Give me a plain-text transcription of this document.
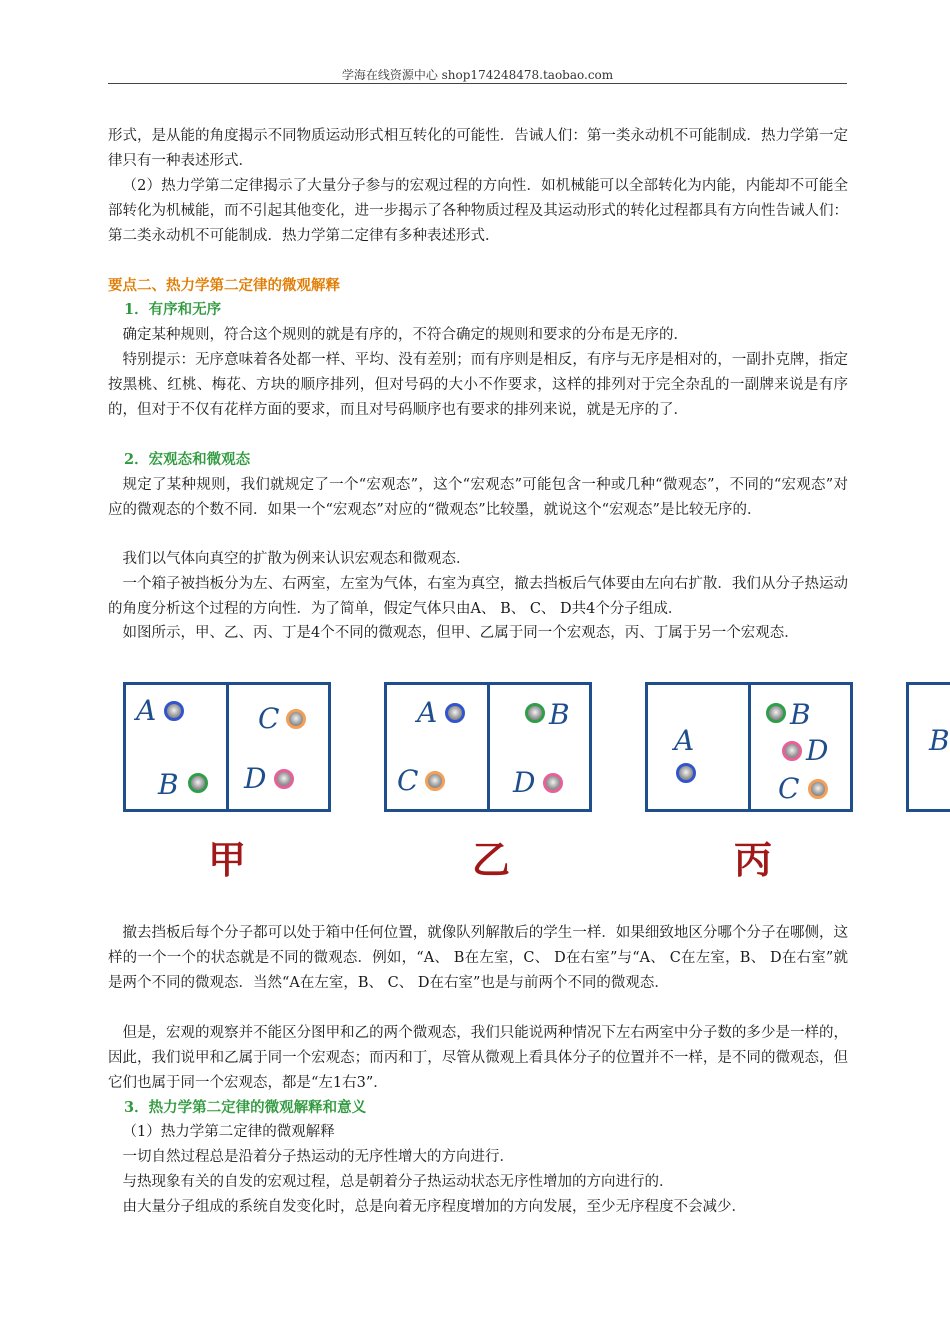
学海在线资源中心 shop174248478.taobao.com

形式，是从能的角度揭示不同物质运动形式相互转化的可能性．告诫人们：第一类永动机不可能制成．热力学第一定律只有一种表述形式．

（2）热力学第二定律揭示了大量分子参与的宏观过程的方向性．如机械能可以全部转化为内能，内能却不可能全部转化为机械能，而不引起其他变化，进一步揭示了各种物质过程及其运动形式的转化过程都具有方向性告诫人们：第二类永动机不可能制成．热力学第二定律有多种表述形式．

要点二、热力学第二定律的微观解释
1．有序和无序

确定某种规则，符合这个规则的就是有序的，不符合确定的规则和要求的分布是无序的．

特别提示：无序意味着各处都一样、平均、没有差别；而有序则是相反，有序与无序是相对的，一副扑克牌，指定按黑桃、红桃、梅花、方块的顺序排列，但对号码的大小不作要求，这样的排列对于完全杂乱的一副牌来说是有序的，但对于不仅有花样方面的要求，而且对号码顺序也有要求的排列来说，就是无序的了．

2．宏观态和微观态

规定了某种规则，我们就规定了一个“宏观态”，这个“宏观态”可能包含一种或几种“微观态”，不同的“宏观态”对应的微观态的个数不同．如果一个“宏观态”对应的“微观态”比较墨，就说这个“宏观态”是比较无序的．

我们以气体向真空的扩散为例来认识宏观态和微观态．

一个箱子被挡板分为左、右两室，左室为气体，右室为真空，撤去挡板后气体要由左向右扩散．我们从分子热运动的角度分析这个过程的方向性．为了简单，假定气体只由A、 B、 C、 D共4个分子组成．

如图所示，甲、乙、丙、丁是4个不同的微观态，但甲、乙属于同一个宏观态，丙、丁属于另一个宏观态．

A
B
C
D
甲
A
C
B
D
乙
A
B
D
C
丙
B

撤去挡板后每个分子都可以处于箱中任何位置，就像队列解散后的学生一样．如果细致地区分哪个分子在哪侧，这样的一个一个的状态就是不同的微观态．例如，“A、 B在左室，C、 D在右室”与“A、 C在左室，B、 D在右室”就是两个不同的微观态．当然“A在左室，B、 C、 D在右室”也是与前两个不同的微观态．

但是，宏观的观察并不能区分图甲和乙的两个微观态，我们只能说两种情况下左右两室中分子数的多少是一样的，因此，我们说甲和乙属于同一个宏观态；而丙和丁，尽管从微观上看具体分子的位置并不一样，是不同的微观态，但它们也属于同一个宏观态，都是“左1右3”．

3．热力学第二定律的微观解释和意义

（1）热力学第二定律的微观解释

一切自然过程总是沿着分子热运动的无序性增大的方向进行．

与热现象有关的自发的宏观过程，总是朝着分子热运动状态无序性增加的方向进行的．

由大量分子组成的系统自发变化时，总是向着无序程度增加的方向发展，至少无序程度不会减少．
